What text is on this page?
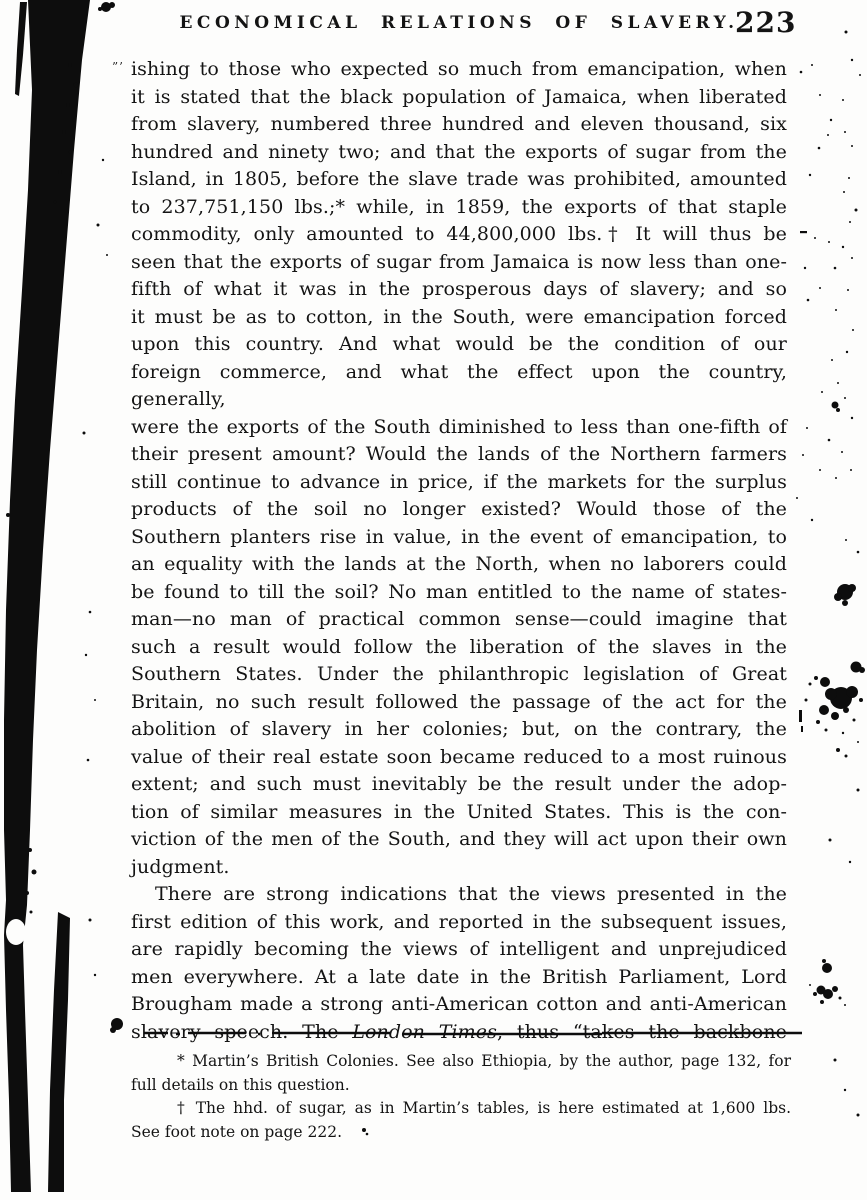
ECONOMICAL RELATIONS OF SLAVERY.
223
”’ ishing to those who expected so much from emancipation, when
it is stated that the black population of Jamaica, when liberated
from slavery, numbered three hundred and eleven thousand, six
hundred and ninety two; and that the exports of sugar from the
Island, in 1805, before the slave trade was prohibited, amounted
to 237,751,150 lbs.;* while, in 1859, the exports of that staple
commodity, only amounted to 44,800,000 lbs.† It will thus be
seen that the exports of sugar from Jamaica is now less than one-
fifth of what it was in the prosperous days of slavery; and so
it must be as to cotton, in the South, were emancipation forced
upon this country. And what would be the condition of our
foreign commerce, and what the effect upon the country, generally,
were the exports of the South diminished to less than one-fifth of
their present amount? Would the lands of the Northern farmers
still continue to advance in price, if the markets for the surplus
products of the soil no longer existed? Would those of the
Southern planters rise in value, in the event of emancipation, to
an equality with the lands at the North, when no laborers could
be found to till the soil? No man entitled to the name of states-
man—no man of practical common sense—could imagine that
such a result would follow the liberation of the slaves in the
Southern States. Under the philanthropic legislation of Great
Britain, no such result followed the passage of the act for the
abolition of slavery in her colonies; but, on the contrary, the
value of their real estate soon became reduced to a most ruinous
extent; and such must inevitably be the result under the adop-
tion of similar measures in the United States. This is the con-
viction of the men of the South, and they will act upon their own
judgment.
There are strong indications that the views presented in the
first edition of this work, and reported in the subsequent issues,
are rapidly becoming the views of intelligent and unprejudiced
men everywhere. At a late date in the British Parliament, Lord
Brougham made a strong anti-American cotton and anti-American
slavery speech. The London Times, thus “takes the backbone
* Martin’s British Colonies. See also Ethiopia, by the author, page 132, for
full details on this question.
† The hhd. of sugar, as in Martin’s tables, is here estimated at 1,600 lbs.
See foot note on page 222.
